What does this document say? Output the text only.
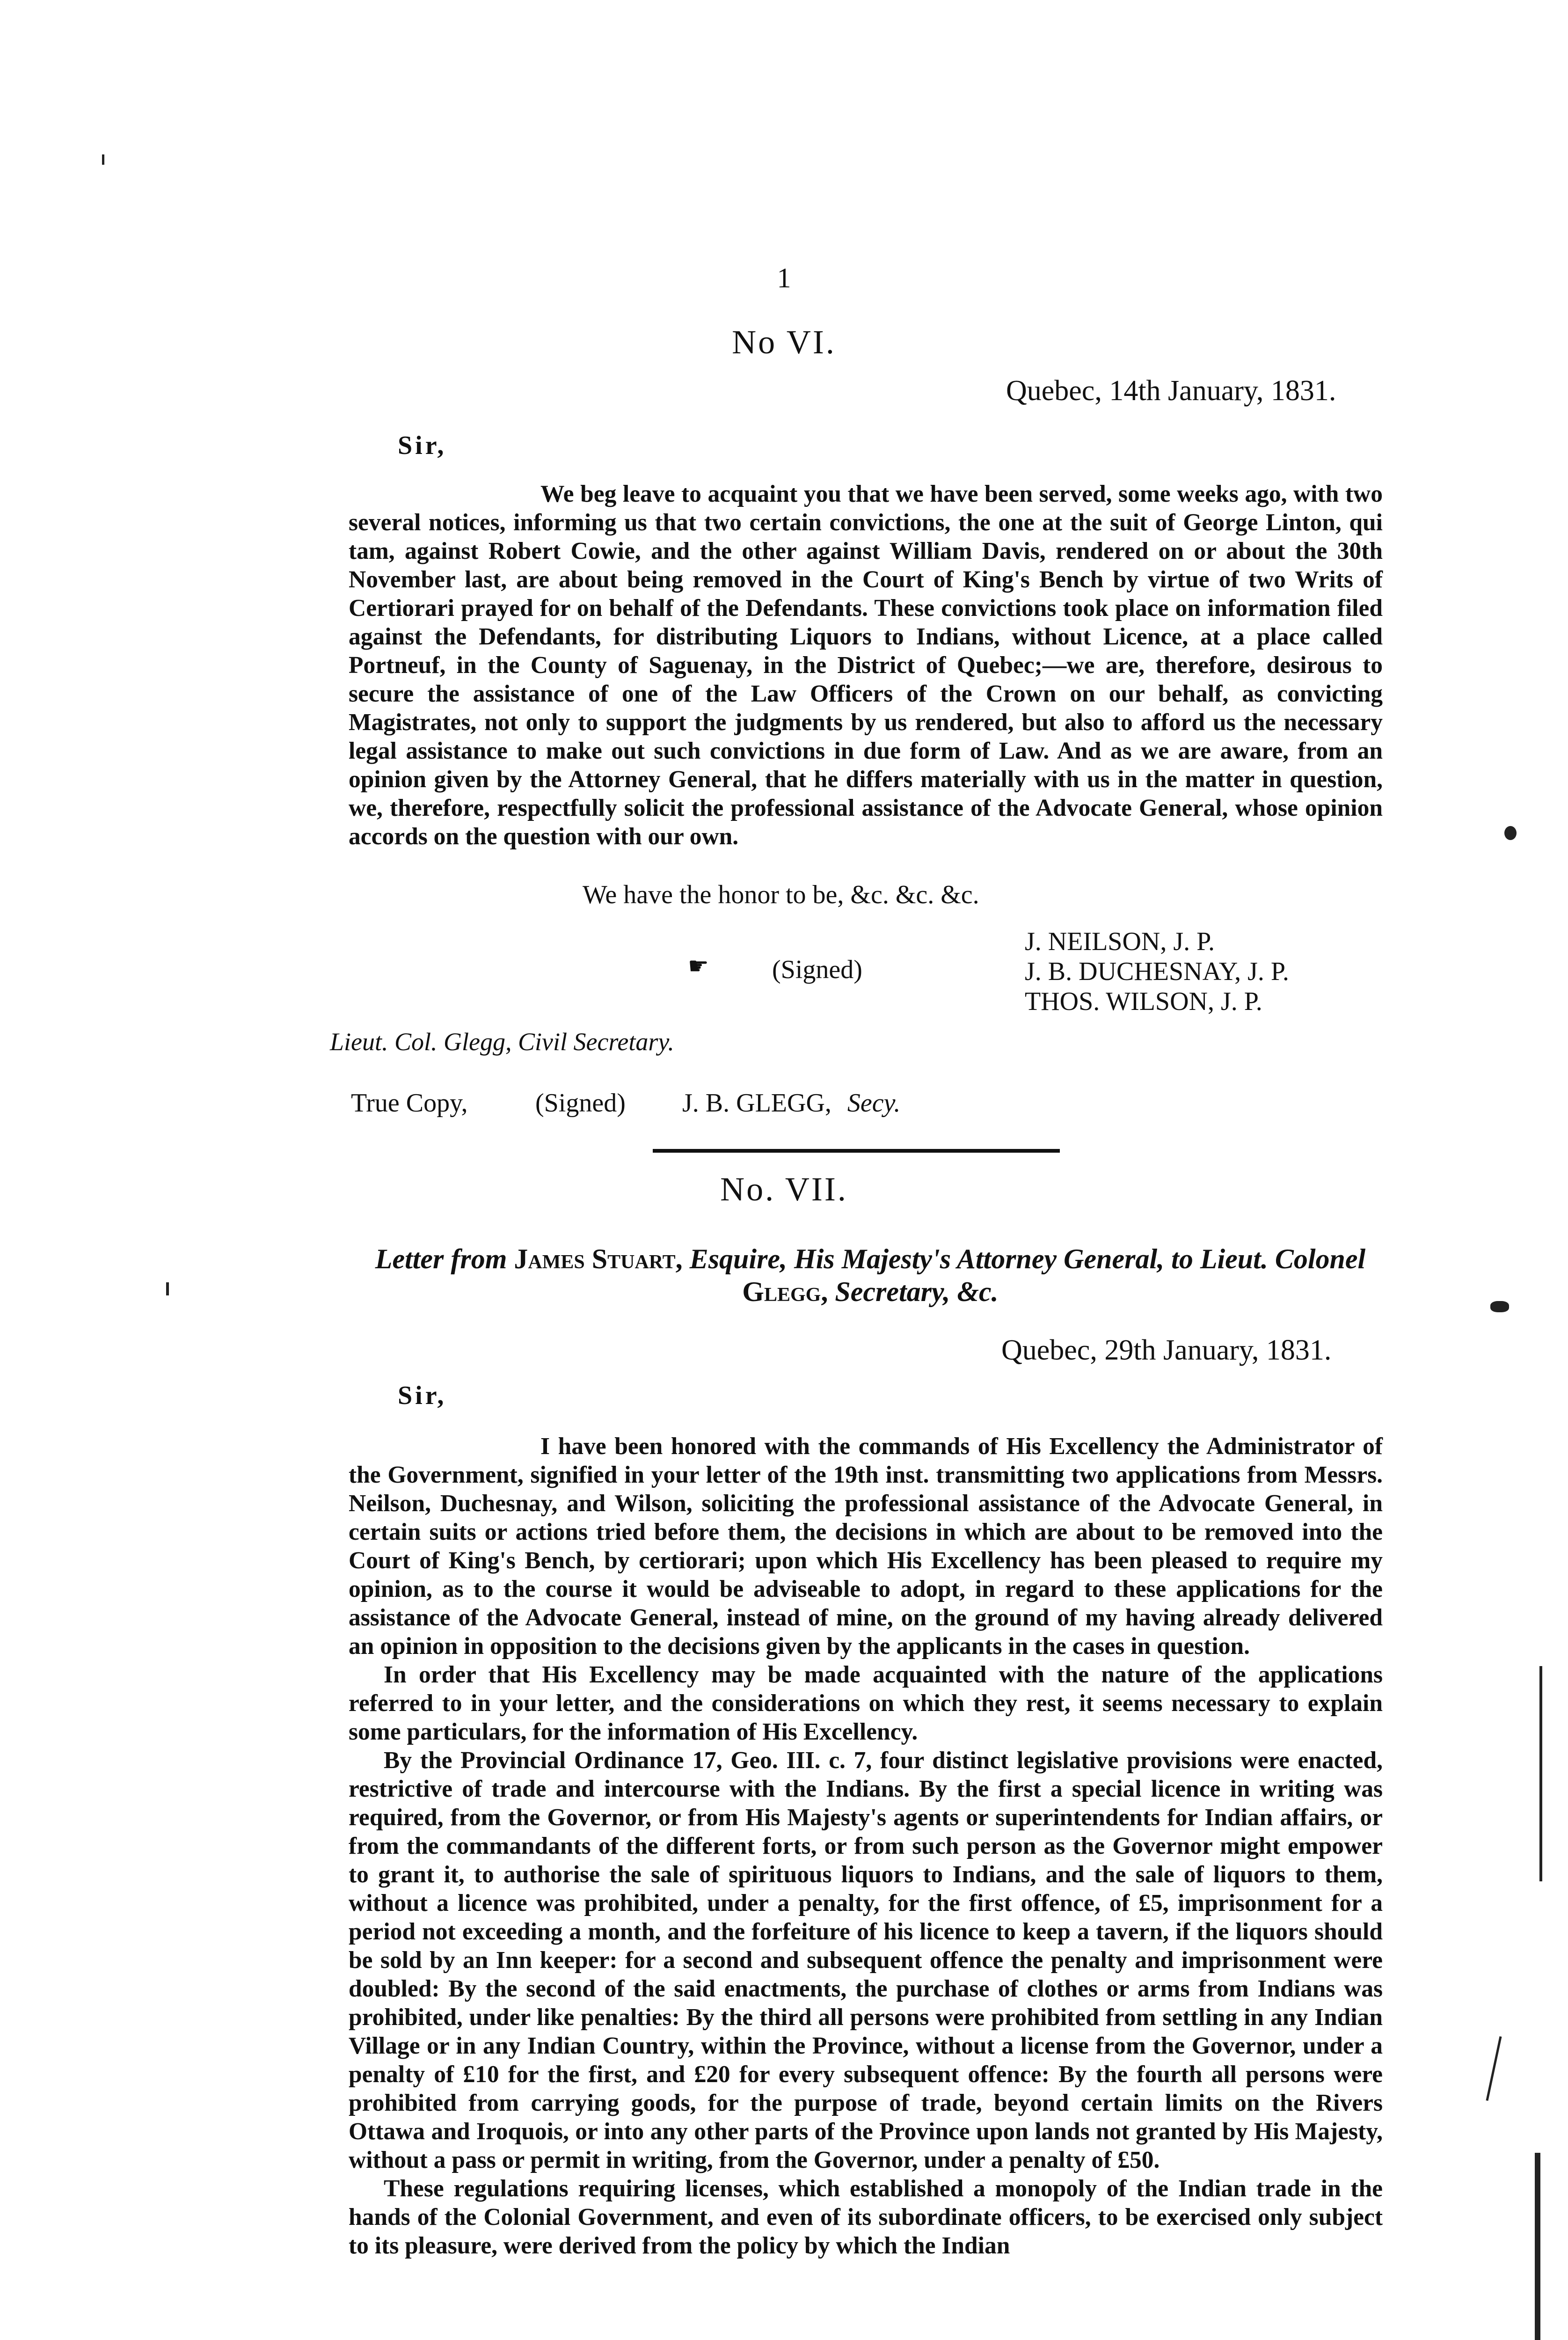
1
No VI.
Quebec, 14th January, 1831.
Sir,

We beg leave to acquaint you that we have been served, some weeks ago, with two several notices, informing us that two certain convictions, the one at the suit of George Linton, qui tam, against Robert Cowie, and the other against William Davis, rendered on or about the 30th November last, are about being removed in the Court of King's Bench by virtue of two Writs of Certiorari prayed for on behalf of the Defendants. These convictions took place on information filed against the Defendants, for distributing Liquors to Indians, without Licence, at a place called Portneuf, in the County of Saguenay, in the District of Quebec;—we are, therefore, desirous to secure the assistance of one of the Law Officers of the Crown on our behalf, as convicting Magistrates, not only to support the judgments by us rendered, but also to afford us the necessary legal assistance to make out such convictions in due form of Law. And as we are aware, from an opinion given by the Attorney General, that he differs materially with us in the matter in question, we, therefore, respectfully solicit the professional assistance of the Advocate General, whose opinion accords on the question with our own.

We have the honor to be, &c. &c. &c.
☛ (Signed)
J. NEILSON, J. P.
J. B. DUCHESNAY, J. P.
THOS. WILSON, J. P.
Lieut. Col. Glegg, Civil Secretary.
True Copy,	(Signed) J. B. GLEGG, Secy.
No. VII.
Letter from James Stuart, Esquire, His Majesty's Attorney General, to Lieut. Colonel Glegg, Secretary, &c.
Quebec, 29th January, 1831.
Sir,

I have been honored with the commands of His Excellency the Administrator of the Government, signified in your letter of the 19th inst. transmitting two applications from Messrs. Neilson, Duchesnay, and Wilson, soliciting the professional assistance of the Advocate General, in certain suits or actions tried before them, the decisions in which are about to be removed into the Court of King's Bench, by certiorari; upon which His Excellency has been pleased to require my opinion, as to the course it would be adviseable to adopt, in regard to these applications for the assistance of the Advocate General, instead of mine, on the ground of my having already delivered an opinion in opposition to the decisions given by the applicants in the cases in question.

In order that His Excellency may be made acquainted with the nature of the applications referred to in your letter, and the considerations on which they rest, it seems necessary to explain some particulars, for the information of His Excellency.

By the Provincial Ordinance 17, Geo. III. c. 7, four distinct legislative provisions were enacted, restrictive of trade and intercourse with the Indians. By the first a special licence in writing was required, from the Governor, or from His Majesty's agents or superintendents for Indian affairs, or from the commandants of the different forts, or from such person as the Governor might empower to grant it, to authorise the sale of spirituous liquors to Indians, and the sale of liquors to them, without a licence was prohibited, under a penalty, for the first offence, of £5, imprisonment for a period not exceeding a month, and the forfeiture of his licence to keep a tavern, if the liquors should be sold by an Inn keeper: for a second and subsequent offence the penalty and imprisonment were doubled: By the second of the said enactments, the purchase of clothes or arms from Indians was prohibited, under like penalties: By the third all persons were prohibited from settling in any Indian Village or in any Indian Country, within the Province, without a license from the Governor, under a penalty of £10 for the first, and £20 for every subsequent offence: By the fourth all persons were prohibited from carrying goods, for the purpose of trade, beyond certain limits on the Rivers Ottawa and Iroquois, or into any other parts of the Province upon lands not granted by His Majesty, without a pass or permit in writing, from the Governor, under a penalty of £50.

These regulations requiring licenses, which established a monopoly of the Indian trade in the hands of the Colonial Government, and even of its subordinate officers, to be exercised only subject to its pleasure, were derived from the policy by which the Indian
